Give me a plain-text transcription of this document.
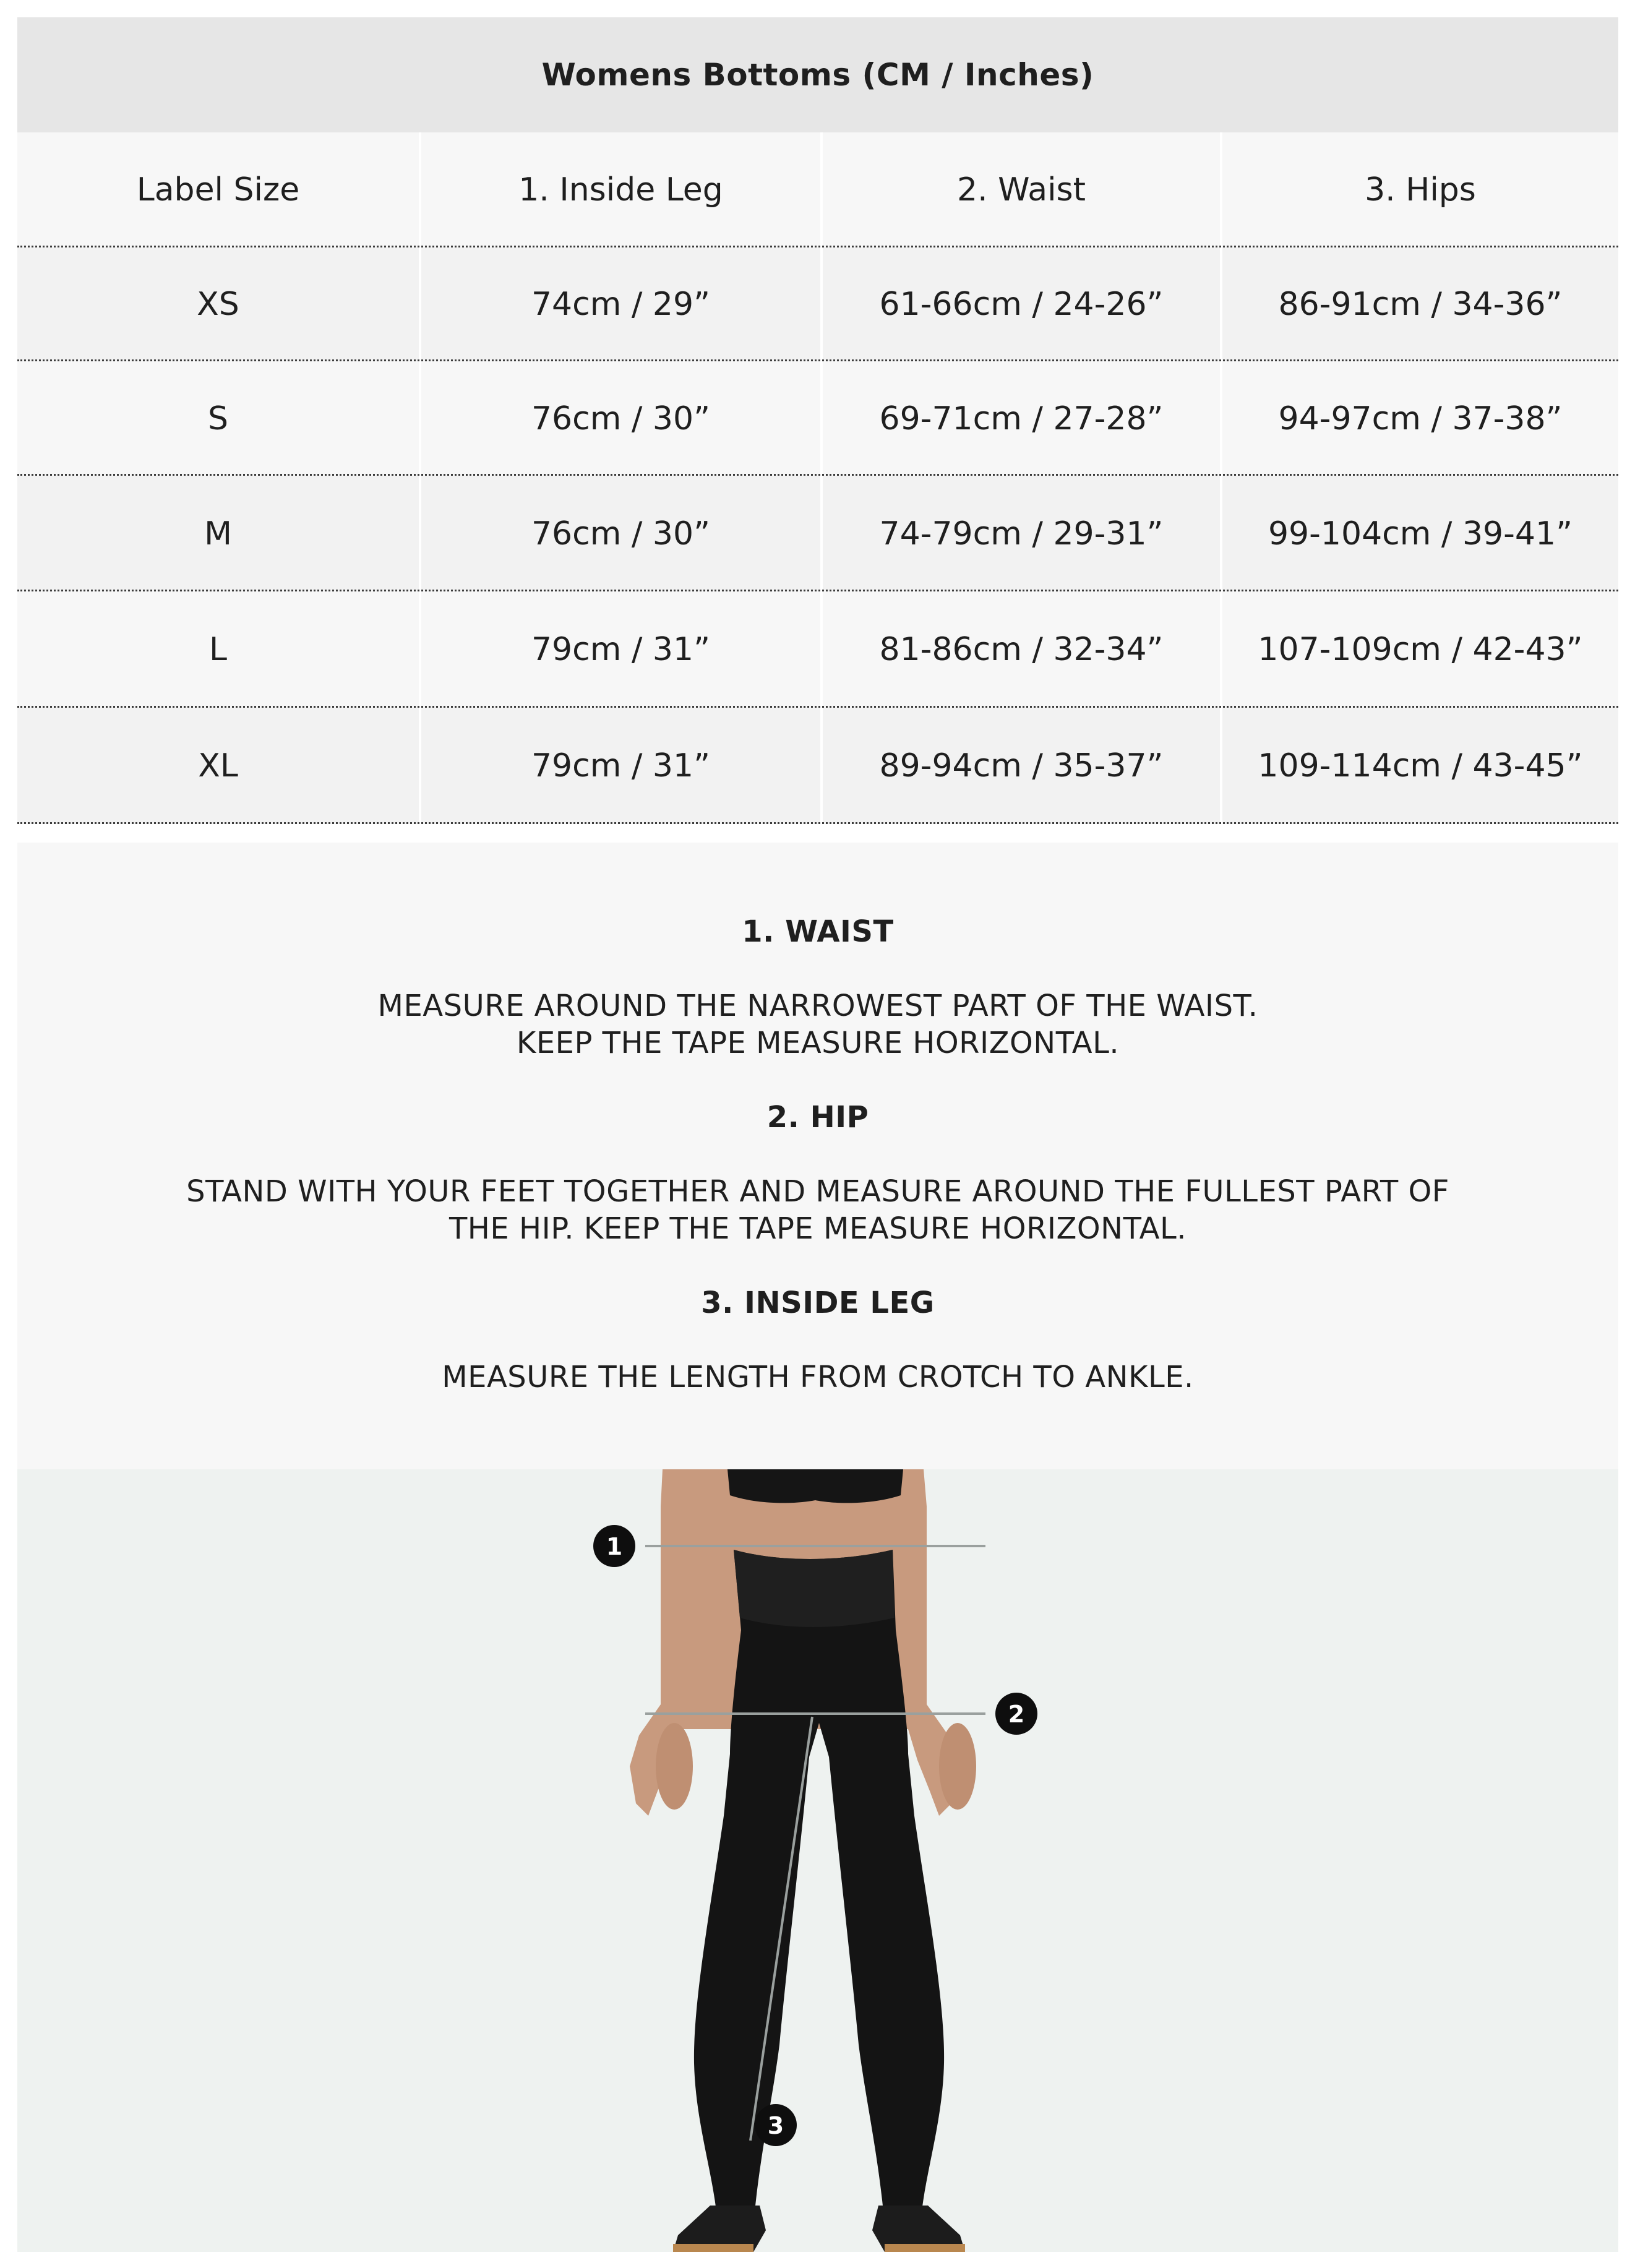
Womens Bottoms (CM / Inches)
Label Size	1. Inside Leg	2. Waist	3. Hips
XS	74cm / 29”	61-66cm / 24-26”	86-91cm / 34-36”
S	76cm / 30”	69-71cm / 27-28”	94-97cm / 37-38”
M	76cm / 30”	74-79cm / 29-31”	99-104cm / 39-41”
L	79cm / 31”	81-86cm / 32-34”	107-109cm / 42-43”
XL	79cm / 31”	89-94cm / 35-37”	109-114cm / 43-45”
1. WAIST
MEASURE AROUND THE NARROWEST PART OF THE WAIST.
KEEP THE TAPE MEASURE HORIZONTAL.
2. HIP
STAND WITH YOUR FEET TOGETHER AND MEASURE AROUND THE FULLEST PART OF
THE HIP. KEEP THE TAPE MEASURE HORIZONTAL.
3. INSIDE LEG
MEASURE THE LENGTH FROM CROTCH TO ANKLE.
1
2
3
